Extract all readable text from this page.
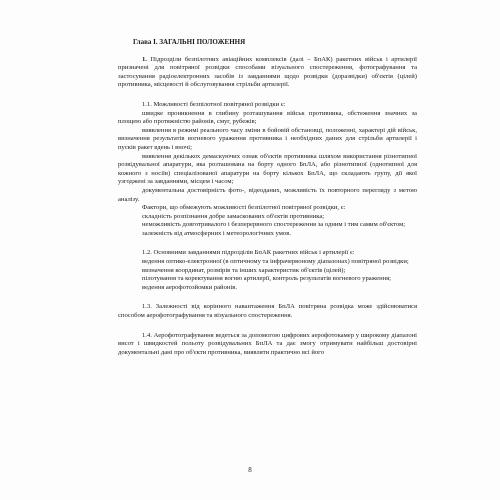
Глава І. ЗАГАЛЬНІ ПОЛОЖЕННЯ

1. Підрозділи безпілотних авіаційних комплексів (далі – БпАК) ракетних військ і артилерії призначені для повітряної розвідки способами візуального спостереження, фотографування та застосування радіоелектронних засобів із завданнями щодо розвідки (доразвідки) об'єктів (цілей) противника, місцевості й обслуговування стрільби артилерії.

1.1. Можливості безпілотної повітряної розвідки є:

швидке проникнення в глибину розташування військ противника, обстеження значних за площею або протяжністю районів, смуг, рубежів;

виявлення в режимі реального часу зміни в бойовій обстановці, положенні, характері дій військ, визначення результатів вогневого ураження противника і необхідних даних для стрільби артилерії і пусків ракет вдень і вночі;

виявлення декількох демаскуючих ознак об'єктів противника шляхом використання різнотипної розвідувальної апаратури, яка розташована на борту одного БпЛА, або різнотипної (однотипної для кожного з носіїв) спеціалізованої апаратури на борту кількох БпЛА, що складають групу, дії якої узгоджені за завданнями, місцем і часом;

документальна достовірність фото-, відеоданих, можливість їх повторного перегляду з метою аналізу.

Фактори, що обмежують можливості безпілотної повітряної розвідки, є:

складність розпізнання добре замаскованих об'єктів противника;

неможливість довготривалого і безперервного спостереження за одним і тим самим об'єктом;

залежність від атмосферних і метеорологічних умов.

1.2. Основними завданнями підрозділів БпАК ракетних військ і артилерії є:

ведення оптико-електронної (в оптичному та інфрачервоному діапазонах) повітряної розвідки;

визначення координат, розмірів та інших характеристик об'єктів (цілей);

пілотування та коректування вогню артилерії, контроль результатів вогневого ураження;

ведення аерофотозйомки районів.

1.3. Залежності від корінного навантаження БпЛА повітряна розвідка може здійснюватися способом аерофотографування та візуального спостереження.

1.4. Аерофотографування ведеться за допомогою цифрових аерофотокамер у широкому діапазоні висот і швидкостей польоту розвідувальних БпЛА та дає змогу отримувати найбільш достовірні документальні дані про об'єкти противника, виявляти практично всі його

8
